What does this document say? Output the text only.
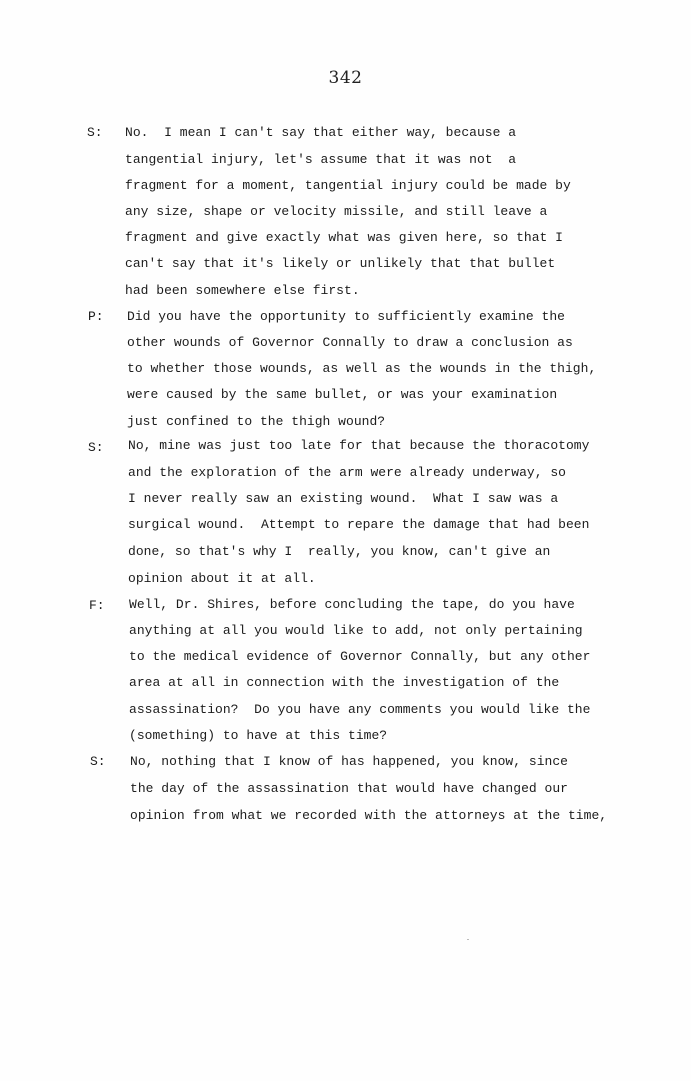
342
S: No.  I mean I can't say that either way, because a
tangential injury, let's assume that it was not  a
fragment for a moment, tangential injury could be made by
any size, shape or velocity missile, and still leave a
fragment and give exactly what was given here, so that I
can't say that it's likely or unlikely that that bullet
had been somewhere else first.
P: Did you have the opportunity to sufficiently examine the
other wounds of Governor Connally to draw a conclusion as
to whether those wounds, as well as the wounds in the thigh,
were caused by the same bullet, or was your examination
just confined to the thigh wound?
S: No, mine was just too late for that because the thoracotomy
and the exploration of the arm were already underway, so
I never really saw an existing wound.  What I saw was a
surgical wound.  Attempt to repare the damage that had been
done, so that's why I  really, you know, can't give an
opinion about it at all.
F: Well, Dr. Shires, before concluding the tape, do you have
anything at all you would like to add, not only pertaining
to the medical evidence of Governor Connally, but any other
area at all in connection with the investigation of the
assassination?  Do you have any comments you would like the
(something) to have at this time?
S: No, nothing that I know of has happened, you know, since
the day of the assassination that would have changed our
opinion from what we recorded with the attorneys at the time,
